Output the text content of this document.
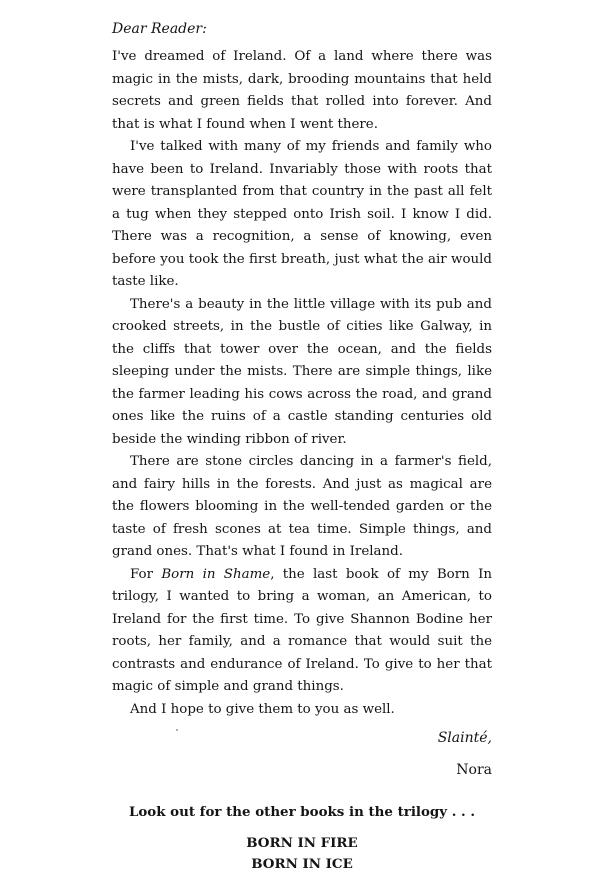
Dear Reader:

I've dreamed of Ireland. Of a land where there was magic in the mists, dark, brooding mountains that held secrets and green fields that rolled into forever. And that is what I found when I went there.

I've talked with many of my friends and family who have been to Ireland. Invariably those with roots that were transplanted from that country in the past all felt a tug when they stepped onto Irish soil. I know I did. There was a recognition, a sense of knowing, even before you took the first breath, just what the air would taste like.

There's a beauty in the little village with its pub and crooked streets, in the bustle of cities like Galway, in the cliffs that tower over the ocean, and the fields sleeping under the mists. There are simple things, like the farmer leading his cows across the road, and grand ones like the ruins of a castle standing centuries old beside the winding ribbon of river.

There are stone circles dancing in a farmer's field, and fairy hills in the forests. And just as magical are the flowers blooming in the well-tended garden or the taste of fresh scones at tea time. Simple things, and grand ones. That's what I found in Ireland.

For Born in Shame, the last book of my Born In trilogy, I wanted to bring a woman, an American, to Ireland for the first time. To give Shannon Bodine her roots, her family, and a romance that would suit the contrasts and endurance of Ireland. To give to her that magic of simple and grand things.

And I hope to give them to you as well.

Slainté,
Nora
Look out for the other books in the trilogy . . .
BORN IN FIRE
BORN IN ICE
